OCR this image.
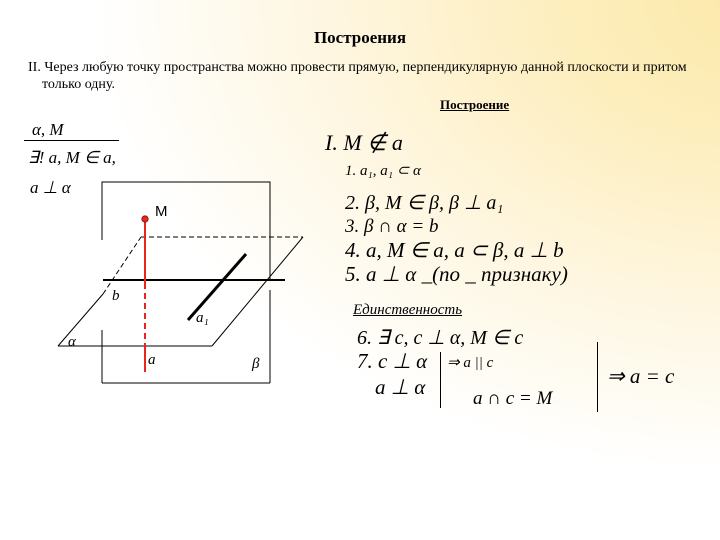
Построения
II. Через любую точку пространства можно провести прямую, перпендикулярную данной плоскости и притом только одну.
Построение
α, M
∃! a, M ∈ a,
a ⊥ α
I. M ∉ a
1. a₁, a₁ ⊂ α
2. β, M ∈ β, β ⊥ a₁
3. β ∩ α = b
4. a, M ∈ a, a ⊂ β, a ⊥ b
5. a ⊥ α _(по _ признаку)
Единственность
6. ∃ c, c ⊥ α, M ∈ c
7. c ⊥ α
a ⊥ α
⇒ a || c
a ∩ c = M
⇒ a = c
M
b
a₁
a
α
β
